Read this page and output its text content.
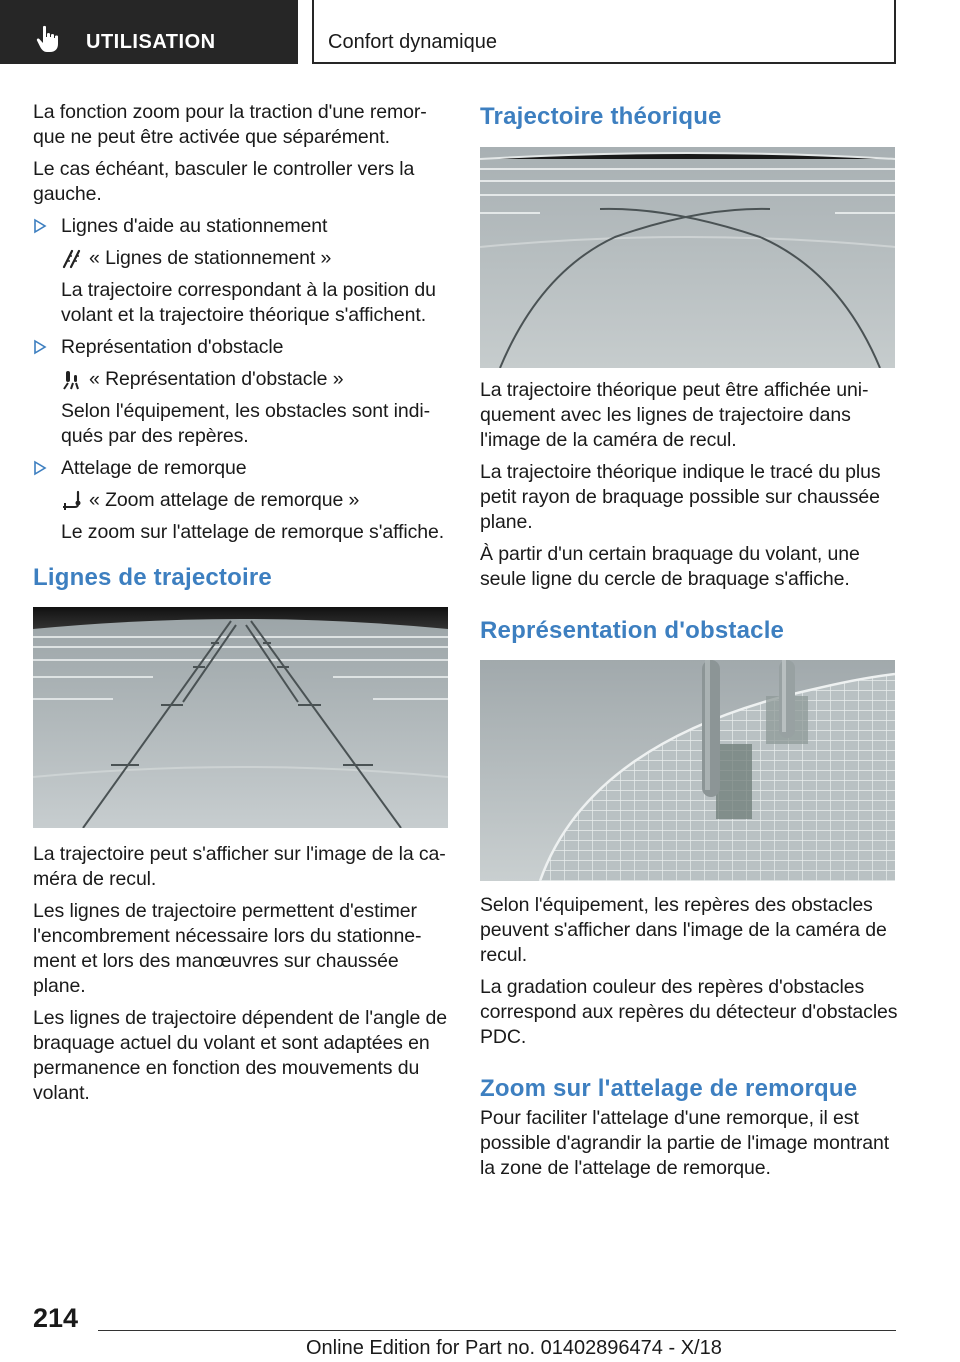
UTILISATION	Confort dynamique

La fonction zoom pour la traction d'une remor-que ne peut être activée que séparément.

Le cas échéant, basculer le controller vers la gauche.

Lignes d'aide au stationnement

« Lignes de stationnement »

La trajectoire correspondant à la position du volant et la trajectoire théorique s'affichent.

Représentation d'obstacle

« Représentation d'obstacle »

Selon l'équipement, les obstacles sont indi-qués par des repères.

Attelage de remorque

« Zoom attelage de remorque »

Le zoom sur l'attelage de remorque s'affiche.

Lignes de trajectoire

La trajectoire peut s'afficher sur l'image de la ca-méra de recul.

Les lignes de trajectoire permettent d'estimer l'encombrement nécessaire lors du stationne-ment et lors des manœuvres sur chaussée plane.

Les lignes de trajectoire dépendent de l'angle de braquage actuel du volant et sont adaptées en permanence en fonction des mouvements du volant.

Trajectoire théorique

La trajectoire théorique peut être affichée uni-quement avec les lignes de trajectoire dans l'image de la caméra de recul.

La trajectoire théorique indique le tracé du plus petit rayon de braquage possible sur chaussée plane.

À partir d'un certain braquage du volant, une seule ligne du cercle de braquage s'affiche.

Représentation d'obstacle

Selon l'équipement, les repères des obstacles peuvent s'afficher dans l'image de la caméra de recul.

La gradation couleur des repères d'obstacles correspond aux repères du détecteur d'obstacles PDC.

Zoom sur l'attelage de remorque

Pour faciliter l'attelage d'une remorque, il est possible d'agrandir la partie de l'image montrant la zone de l'attelage de remorque.

214
Online Edition for Part no. 01402896474 - X/18
